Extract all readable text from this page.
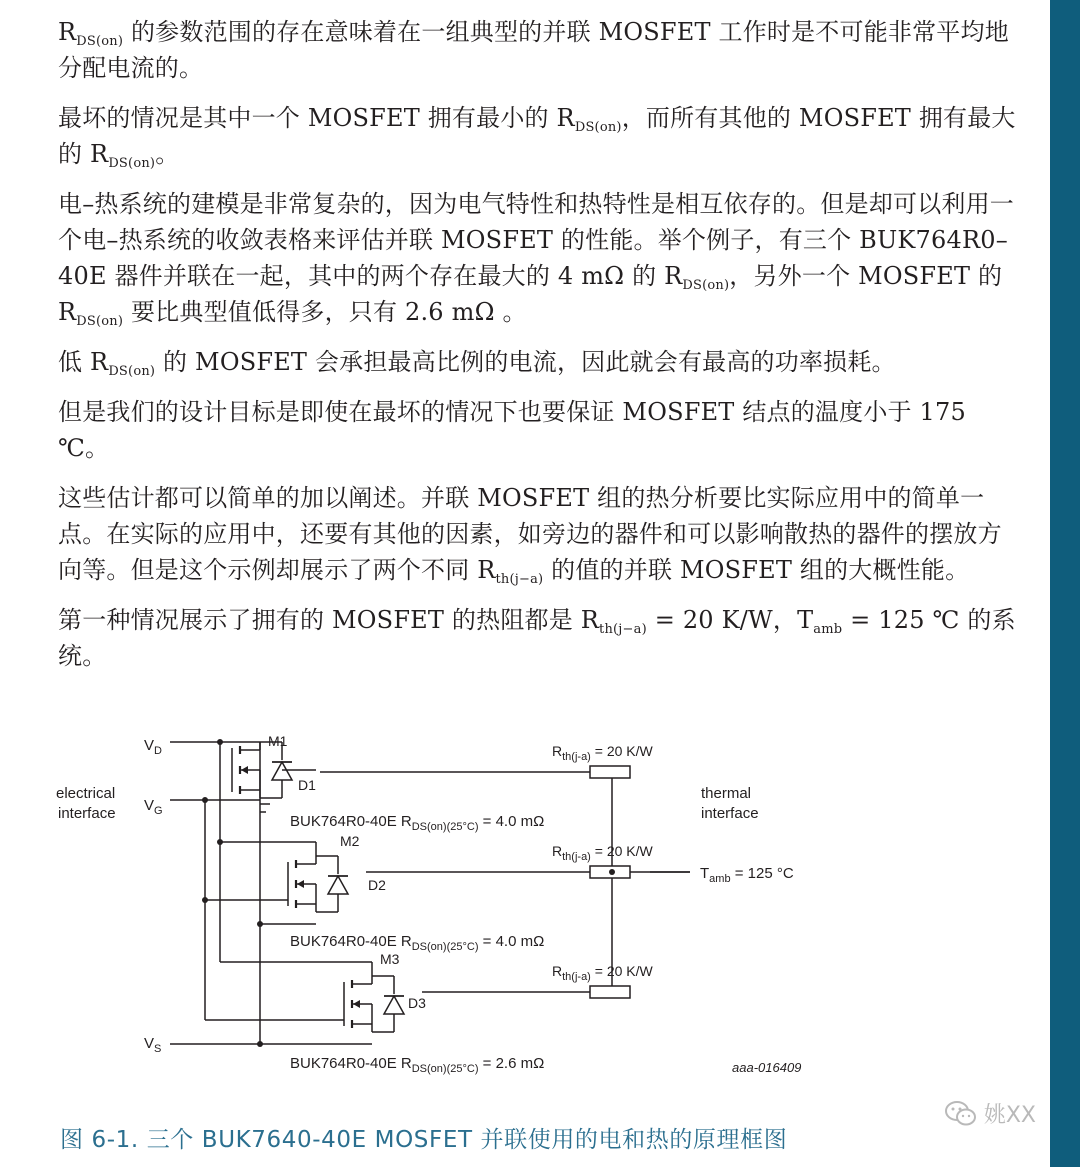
$R_{DS(on)}$ 的参数范围的存在意味着在一组典型的并联 MOSFET 工作时是不可能非常平均地分配电流的。

最坏的情况是其中一个 MOSFET 拥有最小的 $R_{DS(on)}$，而所有其他的 MOSFET 拥有最大的 $R_{DS(on)}$。

电–热系统的建模是非常复杂的，因为电气特性和热特性是相互依存的。但是却可以利用一个电–热系统的收敛表格来评估并联 MOSFET 的性能。举个例子，有三个 BUK764R0–40E 器件并联在一起，其中的两个存在最大的 4 mΩ 的 $R_{DS(on)}$，另外一个 MOSFET 的 $R_{DS(on)}$ 要比典型值低得多，只有 2.6 mΩ 。

低 $R_{DS(on)}$ 的 MOSFET 会承担最高比例的电流，因此就会有最高的功率损耗。

但是我们的设计目标是即使在最坏的情况下也要保证 MOSFET 结点的温度小于 175 ℃。

这些估计都可以简单的加以阐述。并联 MOSFET 组的热分析要比实际应用中的简单一点。在实际的应用中，还要有其他的因素，如旁边的器件和可以影响散热的器件的摆放方向等。但是这个示例却展示了两个不同 $R_{th(j-a)}$ 的值的并联 MOSFET 组的大概性能。

第一种情况展示了拥有的 MOSFET 的热阻都是 $R_{th(j-a)} = 20$ K/W，$T_{amb} = 125$ ℃ 的系统。

$V_D$
$V_G$
$V_S$
electrical
interface
thermal
interface
$T_{amb} = 125$ °C
$R_{th(j-a)} = 20$ K/W
$R_{th(j-a)} = 20$ K/W
$R_{th(j-a)} = 20$ K/W
M1
D1
BUK764R0-40E $R_{DS(on)(25^\circ C)} = 4.0$ mΩ
M2
D2
BUK764R0-40E $R_{DS(on)(25^\circ C)} = 4.0$ mΩ
M3
D3
BUK764R0-40E $R_{DS(on)(25^\circ C)} = 2.6$ mΩ	aaa-016409
图 6-1. 三个 BUK7640-40E MOSFET 并联使用的电和热的原理框图
姚XX
